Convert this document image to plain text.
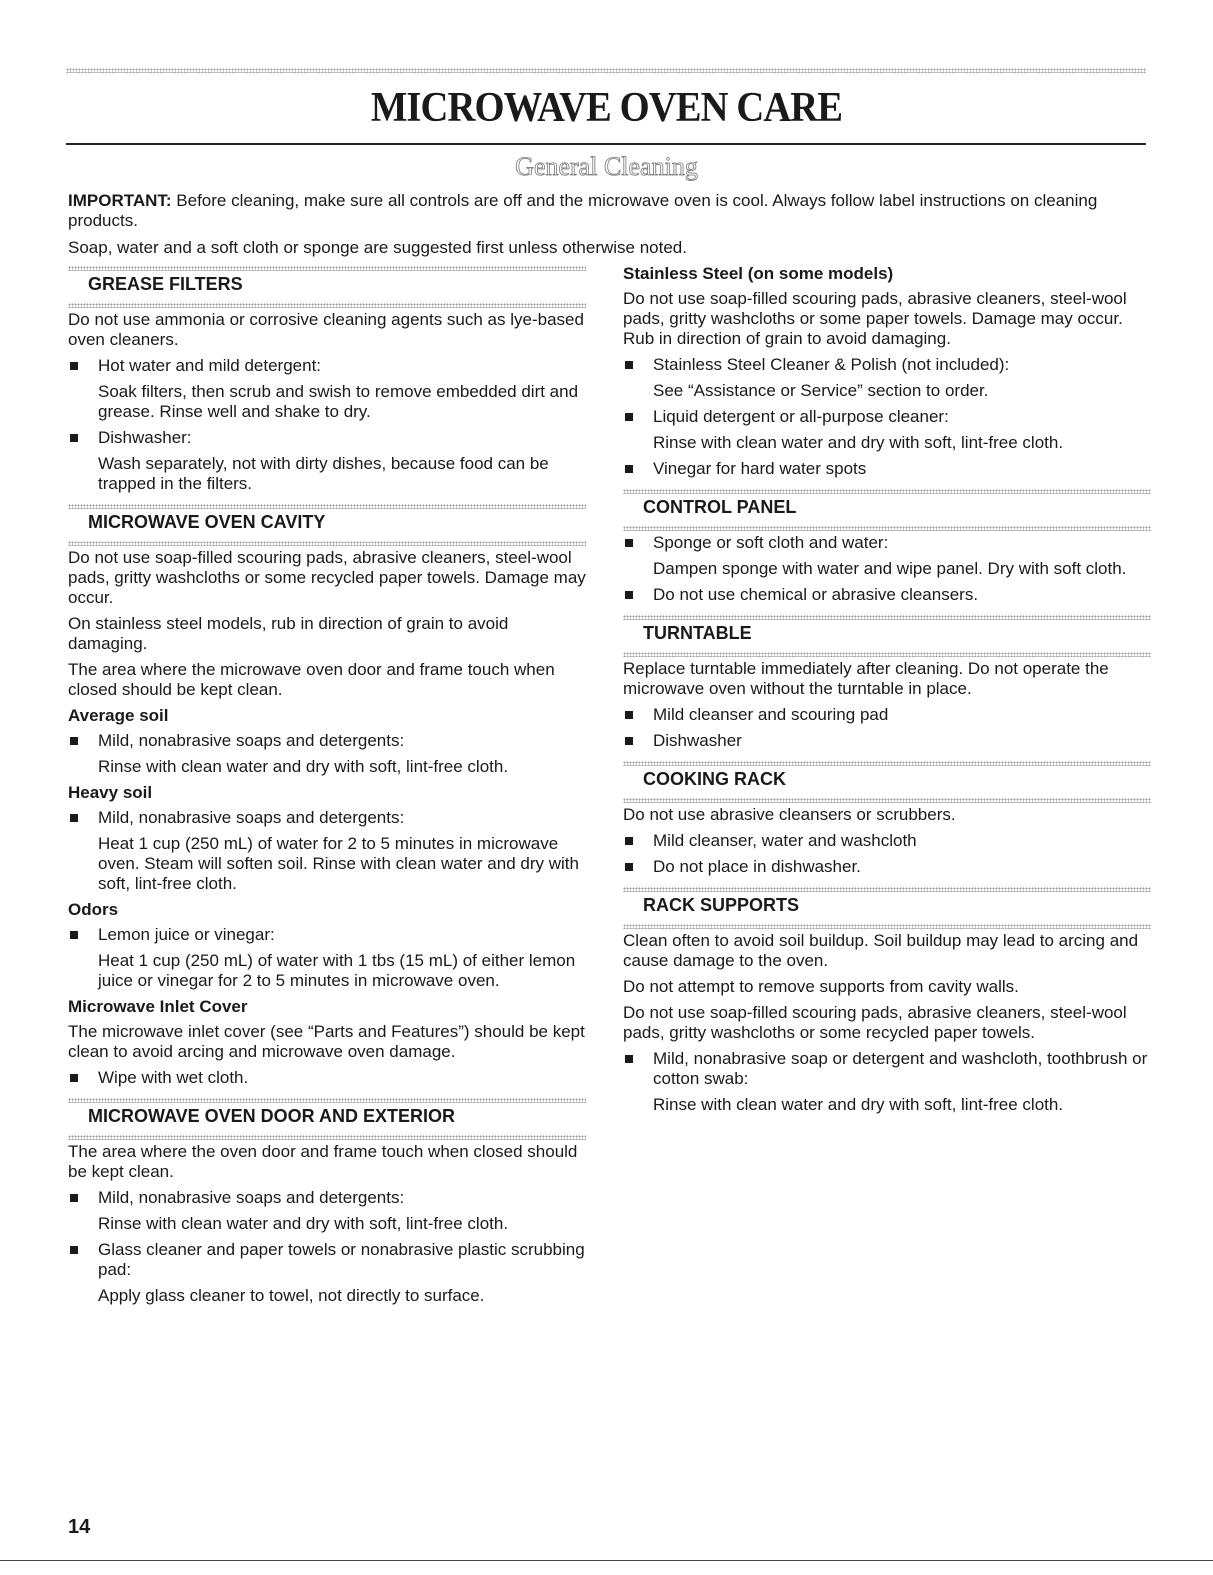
MICROWAVE OVEN CARE
General Cleaning

IMPORTANT: Before cleaning, make sure all controls are off and the microwave oven is cool. Always follow label instructions on cleaning products.

Soap, water and a soft cloth or sponge are suggested first unless otherwise noted.

GREASE FILTERS

Do not use ammonia or corrosive cleaning agents such as lye-based oven cleaners.

Hot water and mild detergent:
Soak filters, then scrub and swish to remove embedded dirt and grease. Rinse well and shake to dry.
Dishwasher:
Wash separately, not with dirty dishes, because food can be trapped in the filters.
MICROWAVE OVEN CAVITY

Do not use soap-filled scouring pads, abrasive cleaners, steel-wool pads, gritty washcloths or some recycled paper towels. Damage may occur.

On stainless steel models, rub in direction of grain to avoid damaging.

The area where the microwave oven door and frame touch when closed should be kept clean.

Average soil
Mild, nonabrasive soaps and detergents:
Rinse with clean water and dry with soft, lint-free cloth.
Heavy soil
Mild, nonabrasive soaps and detergents:
Heat 1 cup (250 mL) of water for 2 to 5 minutes in microwave oven. Steam will soften soil. Rinse with clean water and dry with soft, lint-free cloth.
Odors
Lemon juice or vinegar:
Heat 1 cup (250 mL) of water with 1 tbs (15 mL) of either lemon juice or vinegar for 2 to 5 minutes in microwave oven.
Microwave Inlet Cover

The microwave inlet cover (see “Parts and Features”) should be kept clean to avoid arcing and microwave oven damage.

Wipe with wet cloth.
MICROWAVE OVEN DOOR AND EXTERIOR

The area where the oven door and frame touch when closed should be kept clean.

Mild, nonabrasive soaps and detergents:
Rinse with clean water and dry with soft, lint-free cloth.
Glass cleaner and paper towels or nonabrasive plastic scrubbing pad:
Apply glass cleaner to towel, not directly to surface.
Stainless Steel (on some models)

Do not use soap-filled scouring pads, abrasive cleaners, steel-wool pads, gritty washcloths or some paper towels. Damage may occur. Rub in direction of grain to avoid damaging.

Stainless Steel Cleaner & Polish (not included):
See “Assistance or Service” section to order.
Liquid detergent or all-purpose cleaner:
Rinse with clean water and dry with soft, lint-free cloth.
Vinegar for hard water spots
CONTROL PANEL
Sponge or soft cloth and water:
Dampen sponge with water and wipe panel. Dry with soft cloth.
Do not use chemical or abrasive cleansers.
TURNTABLE

Replace turntable immediately after cleaning. Do not operate the microwave oven without the turntable in place.

Mild cleanser and scouring pad
Dishwasher
COOKING RACK

Do not use abrasive cleansers or scrubbers.

Mild cleanser, water and washcloth
Do not place in dishwasher.
RACK SUPPORTS

Clean often to avoid soil buildup. Soil buildup may lead to arcing and cause damage to the oven.

Do not attempt to remove supports from cavity walls.

Do not use soap-filled scouring pads, abrasive cleaners, steel-wool pads, gritty washcloths or some recycled paper towels.

Mild, nonabrasive soap or detergent and washcloth, toothbrush or cotton swab:
Rinse with clean water and dry with soft, lint-free cloth.
14
